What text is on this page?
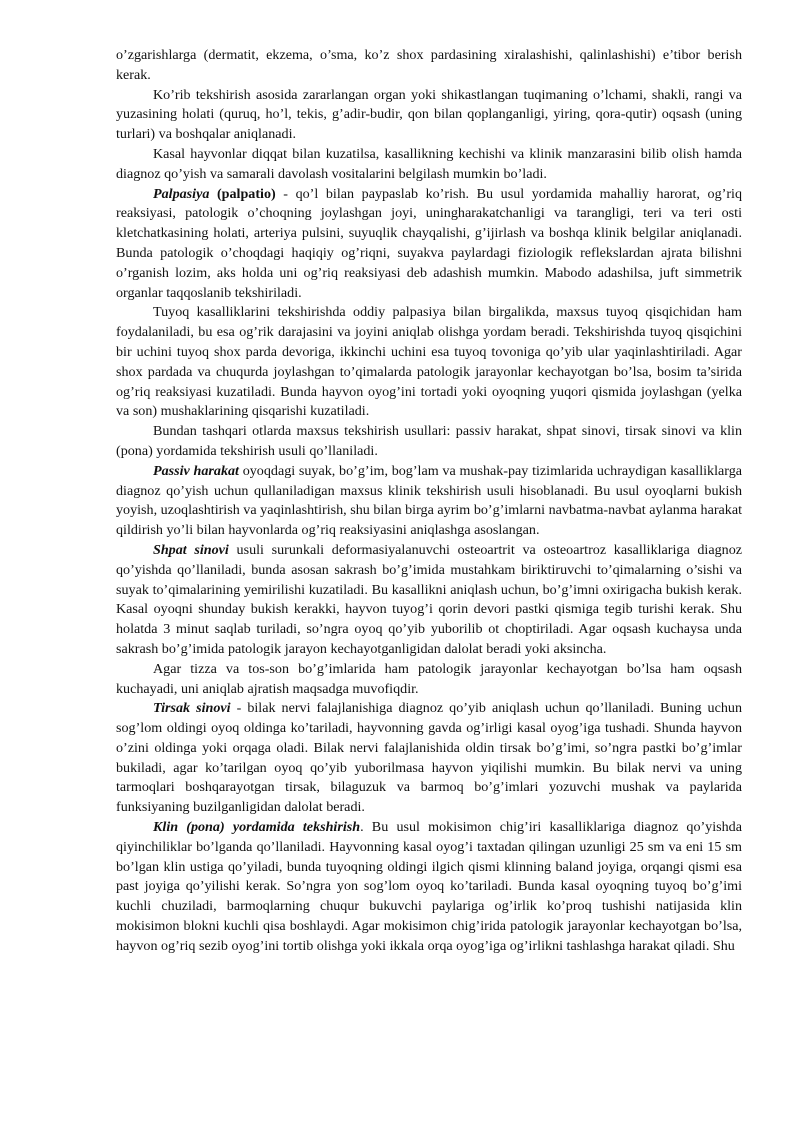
o’zgarishlarga (dermatit, ekzema, o’sma, ko’z shox pardasining xiralashishi, qalinlashishi) e’tibor berish kerak.

Ko’rib tekshirish asosida zararlangan organ yoki shikastlangan tuqimaning o’lchami, shakli, rangi va yuzasining holati (quruq, ho’l, tekis, g’adir-budir, qon bilan qoplanganligi, yiring, qora-qutir) oqsash (uning turlari) va boshqalar aniqlanadi.

Kasal hayvonlar diqqat bilan kuzatilsa, kasallikning kechishi va klinik manzarasini bilib olish hamda diagnoz qo’yish va samarali davolash vositalarini belgilash mumkin bo’ladi.

Palpasiya (palpatio) - qo’l bilan paypaslab ko’rish. Bu usul yordamida mahalliy harorat, og’riq reaksiyasi, patologik o’choqning joylashgan joyi, uningharakatchanligi va tarangligi, teri va teri osti kletchatkasining holati, arteriya pulsini, suyuqlik chayqalishi, g’ijirlash va boshqa klinik belgilar aniqlanadi. Bunda patologik o’choqdagi haqiqiy og’riqni, suyakva paylardagi fiziologik reflekslardan ajrata bilishni o’rganish lozim, aks holda uni og’riq reaksiyasi deb adashish mumkin. Mabodo adashilsa, juft simmetrik organlar taqqoslanib tekshiriladi.

Tuyoq kasalliklarini tekshirishda oddiy palpasiya bilan birgalikda, maxsus tuyoq qisqichidan ham foydalaniladi, bu esa og’rik darajasini va joyini aniqlab olishga yordam beradi. Tekshirishda tuyoq qisqichini bir uchini tuyoq shox parda devoriga, ikkinchi uchini esa tuyoq tovoniga qo’yib ular yaqinlashtiriladi. Agar shox pardada va chuqurda joylashgan to’qimalarda patologik jarayonlar kechayotgan bo’lsa, bosim ta’sirida og’riq reaksiyasi kuzatiladi. Bunda hayvon oyog’ini tortadi yoki oyoqning yuqori qismida joylashgan (yelka va son) mushaklarining qisqarishi kuzatiladi.

Bundan tashqari otlarda maxsus tekshirish usullari: passiv harakat, shpat sinovi, tirsak sinovi va klin (pona) yordamida tekshirish usuli qo’llaniladi.

Passiv harakat oyoqdagi suyak, bo’g’im, bog’lam va mushak-pay tizimlarida uchraydigan kasalliklarga diagnoz qo’yish uchun qullaniladigan maxsus klinik tekshirish usuli hisoblanadi. Bu usul oyoqlarni bukish yoyish, uzoqlashtirish va yaqinlashtirish, shu bilan birga ayrim bo’g’imlarni navbatma-navbat aylanma harakat qildirish yo’li bilan hayvonlarda og’riq reaksiyasini aniqlashga asoslangan.

Shpat sinovi usuli surunkali deformasiyalanuvchi osteoartrit va osteoartroz kasalliklariga diagnoz qo’yishda qo’llaniladi, bunda asosan sakrash bo’g’imida mustahkam biriktiruvchi to’qimalarning o’sishi va suyak to’qimalarining yemirilishi kuzatiladi. Bu kasallikni aniqlash uchun, bo’g’imni oxirigacha bukish kerak. Kasal oyoqni shunday bukish kerakki, hayvon tuyog’i qorin devori pastki qismiga tegib turishi kerak. Shu holatda 3 minut saqlab turiladi, so’ngra oyoq qo’yib yuborilib ot choptiriladi. Agar oqsash kuchaysa unda sakrash bo’g’imida patologik jarayon kechayotganligidan dalolat beradi yoki aksincha.

Agar tizza va tos-son bo’g’imlarida ham patologik jarayonlar kechayotgan bo’lsa ham oqsash kuchayadi, uni aniqlab ajratish maqsadga muvofiqdir.

Tirsak sinovi - bilak nervi falajlanishiga diagnoz qo’yib aniqlash uchun qo’llaniladi. Buning uchun sog’lom oldingi oyoq oldinga ko’tariladi, hayvonning gavda og’irligi kasal oyog’iga tushadi. Shunda hayvon o’zini oldinga yoki orqaga oladi. Bilak nervi falajlanishida oldin tirsak bo’g’imi, so’ngra pastki bo’g’imlar bukiladi, agar ko’tarilgan oyoq qo’yib yuborilmasa hayvon yiqilishi mumkin. Bu bilak nervi va uning tarmoqlari boshqarayotgan tirsak, bilaguzuk va barmoq bo’g’imlari yozuvchi mushak va paylarida funksiyaning buzilganligidan dalolat beradi.

Klin (pona) yordamida tekshirish. Bu usul mokisimon chig’iri kasalliklariga diagnoz qo’yishda qiyinchiliklar bo’lganda qo’llaniladi. Hayvonning kasal oyog’i taxtadan qilingan uzunligi 25 sm va eni 15 sm bo’lgan klin ustiga qo’yiladi, bunda tuyoqning oldingi ilgich qismi klinning baland joyiga, orqangi qismi esa past joyiga qo’yilishi kerak. So’ngra yon sog’lom oyoq ko’tariladi. Bunda kasal oyoqning tuyoq bo’g’imi kuchli chuziladi, barmoqlarning chuqur bukuvchi paylariga og’irlik ko’proq tushishi natijasida klin mokisimon blokni kuchli qisa boshlaydi. Agar mokisimon chig’irida patologik jarayonlar kechayotgan bo’lsa, hayvon og’riq sezib oyog’ini tortib olishga yoki ikkala orqa oyog’iga og’irlikni tashlashga harakat qiladi. Shu
